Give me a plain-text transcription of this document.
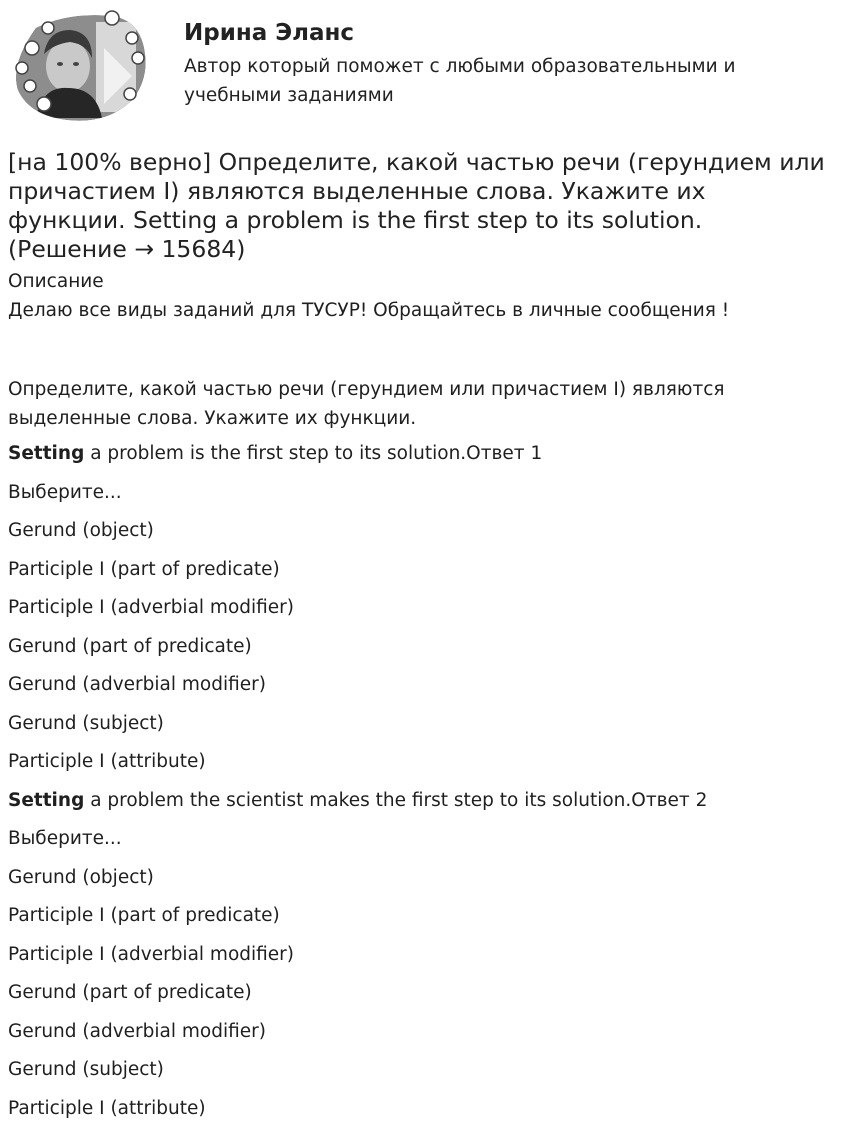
Ирина Эланс

Автор который поможет с любыми образовательными и учебными заданиями

[на 100% верно] Определите, какой частью речи (герундием или причастием I) являются выделенные слова. Укажите их функции. Setting a problem is the first step to its solution. (Решение → 15684)

Описание

Делаю все виды заданий для ТУСУР! Обращайтесь в личные сообщения !

Определите, какой частью речи (герундием или причастием I) являются выделенные слова. Укажите их функции.

Setting a problem is the first step to its solution.Ответ 1

Выберите...

Gerund (object)

Participle I (part of predicate)

Participle I (adverbial modifier)

Gerund (part of predicate)

Gerund (adverbial modifier)

Gerund (subject)

Participle I (attribute)

Setting a problem the scientist makes the first step to its solution.Ответ 2

Выберите...

Gerund (object)

Participle I (part of predicate)

Participle I (adverbial modifier)

Gerund (part of predicate)

Gerund (adverbial modifier)

Gerund (subject)

Participle I (attribute)
